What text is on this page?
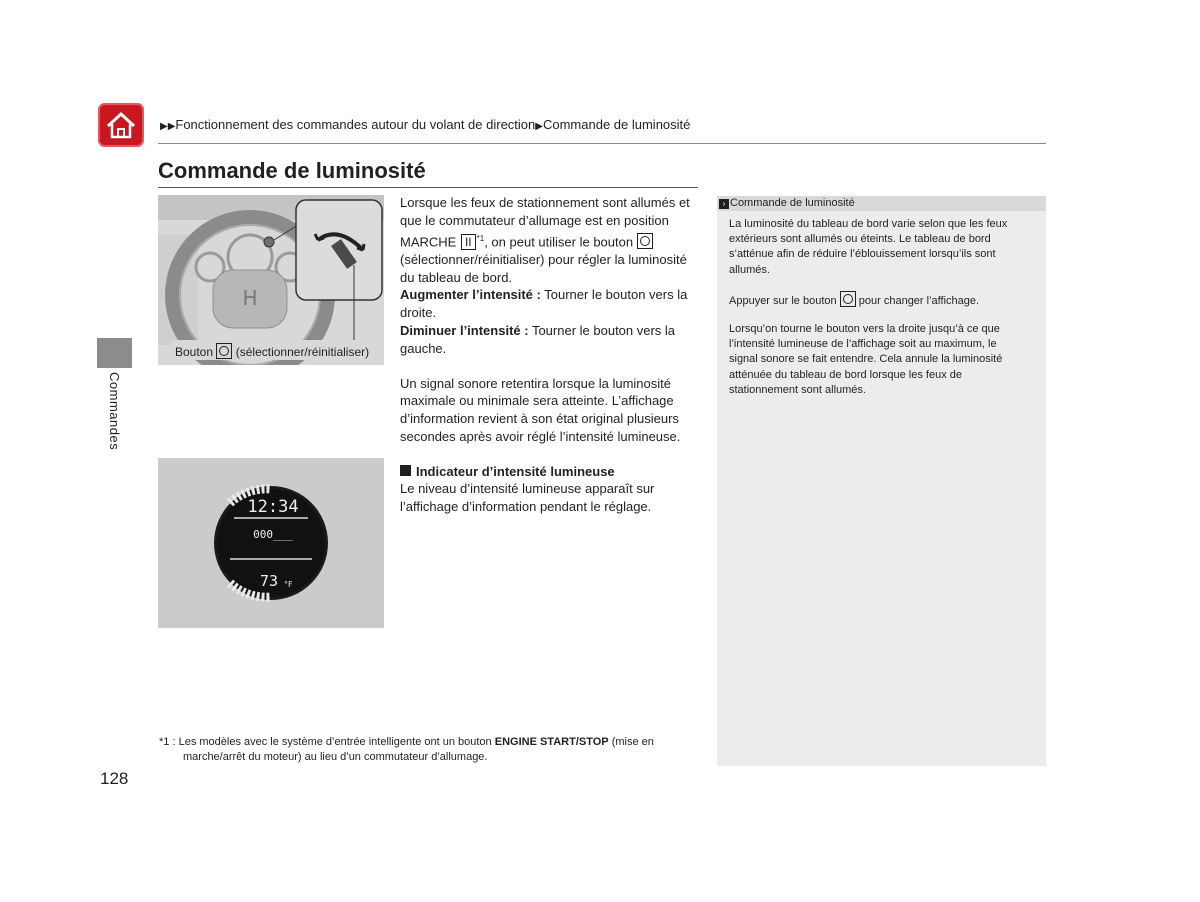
▶▶Fonctionnement des commandes autour du volant de direction▶Commande de luminosité
Commande de luminosité
H
Bouton (sélectionner/réinitialiser)
12:34
000___
73 °F
Lorsque les feux de stationnement sont allumés et
que le commutateur d’allumage est en position
MARCHE II $^{*1}$, on peut utiliser le bouton
(sélectionner/réinitialiser) pour régler la luminosité
du tableau de bord.
Augmenter l’intensité : Tourner le bouton vers la
droite.
Diminuer l’intensité : Tourner le bouton vers la
gauche.
Un signal sonore retentira lorsque la luminosité
maximale ou minimale sera atteinte. L’affichage
d’information revient à son état original plusieurs
secondes après avoir réglé l’intensité lumineuse.
Indicateur d’intensité lumineuse
Le niveau d’intensité lumineuse apparaît sur
l’affichage d’information pendant le réglage.
› Commande de luminosité
La luminosité du tableau de bord varie selon que les feux
extérieurs sont allumés ou éteints. Le tableau de bord
s’atténue afin de réduire l’éblouissement lorsqu’ils sont
allumés.
Appuyer sur le bouton pour changer l’affichage.
Lorsqu’on tourne le bouton vers la droite jusqu’à ce que
l’intensité lumineuse de l’affichage soit au maximum, le
signal sonore se fait entendre. Cela annule la luminosité
atténuée du tableau de bord lorsque les feux de
stationnement sont allumés.
Commandes
*1 : Les modèles avec le système d’entrée intelligente ont un bouton ENGINE START/STOP (mise en
marche/arrêt du moteur) au lieu d’un commutateur d’allumage.
128
